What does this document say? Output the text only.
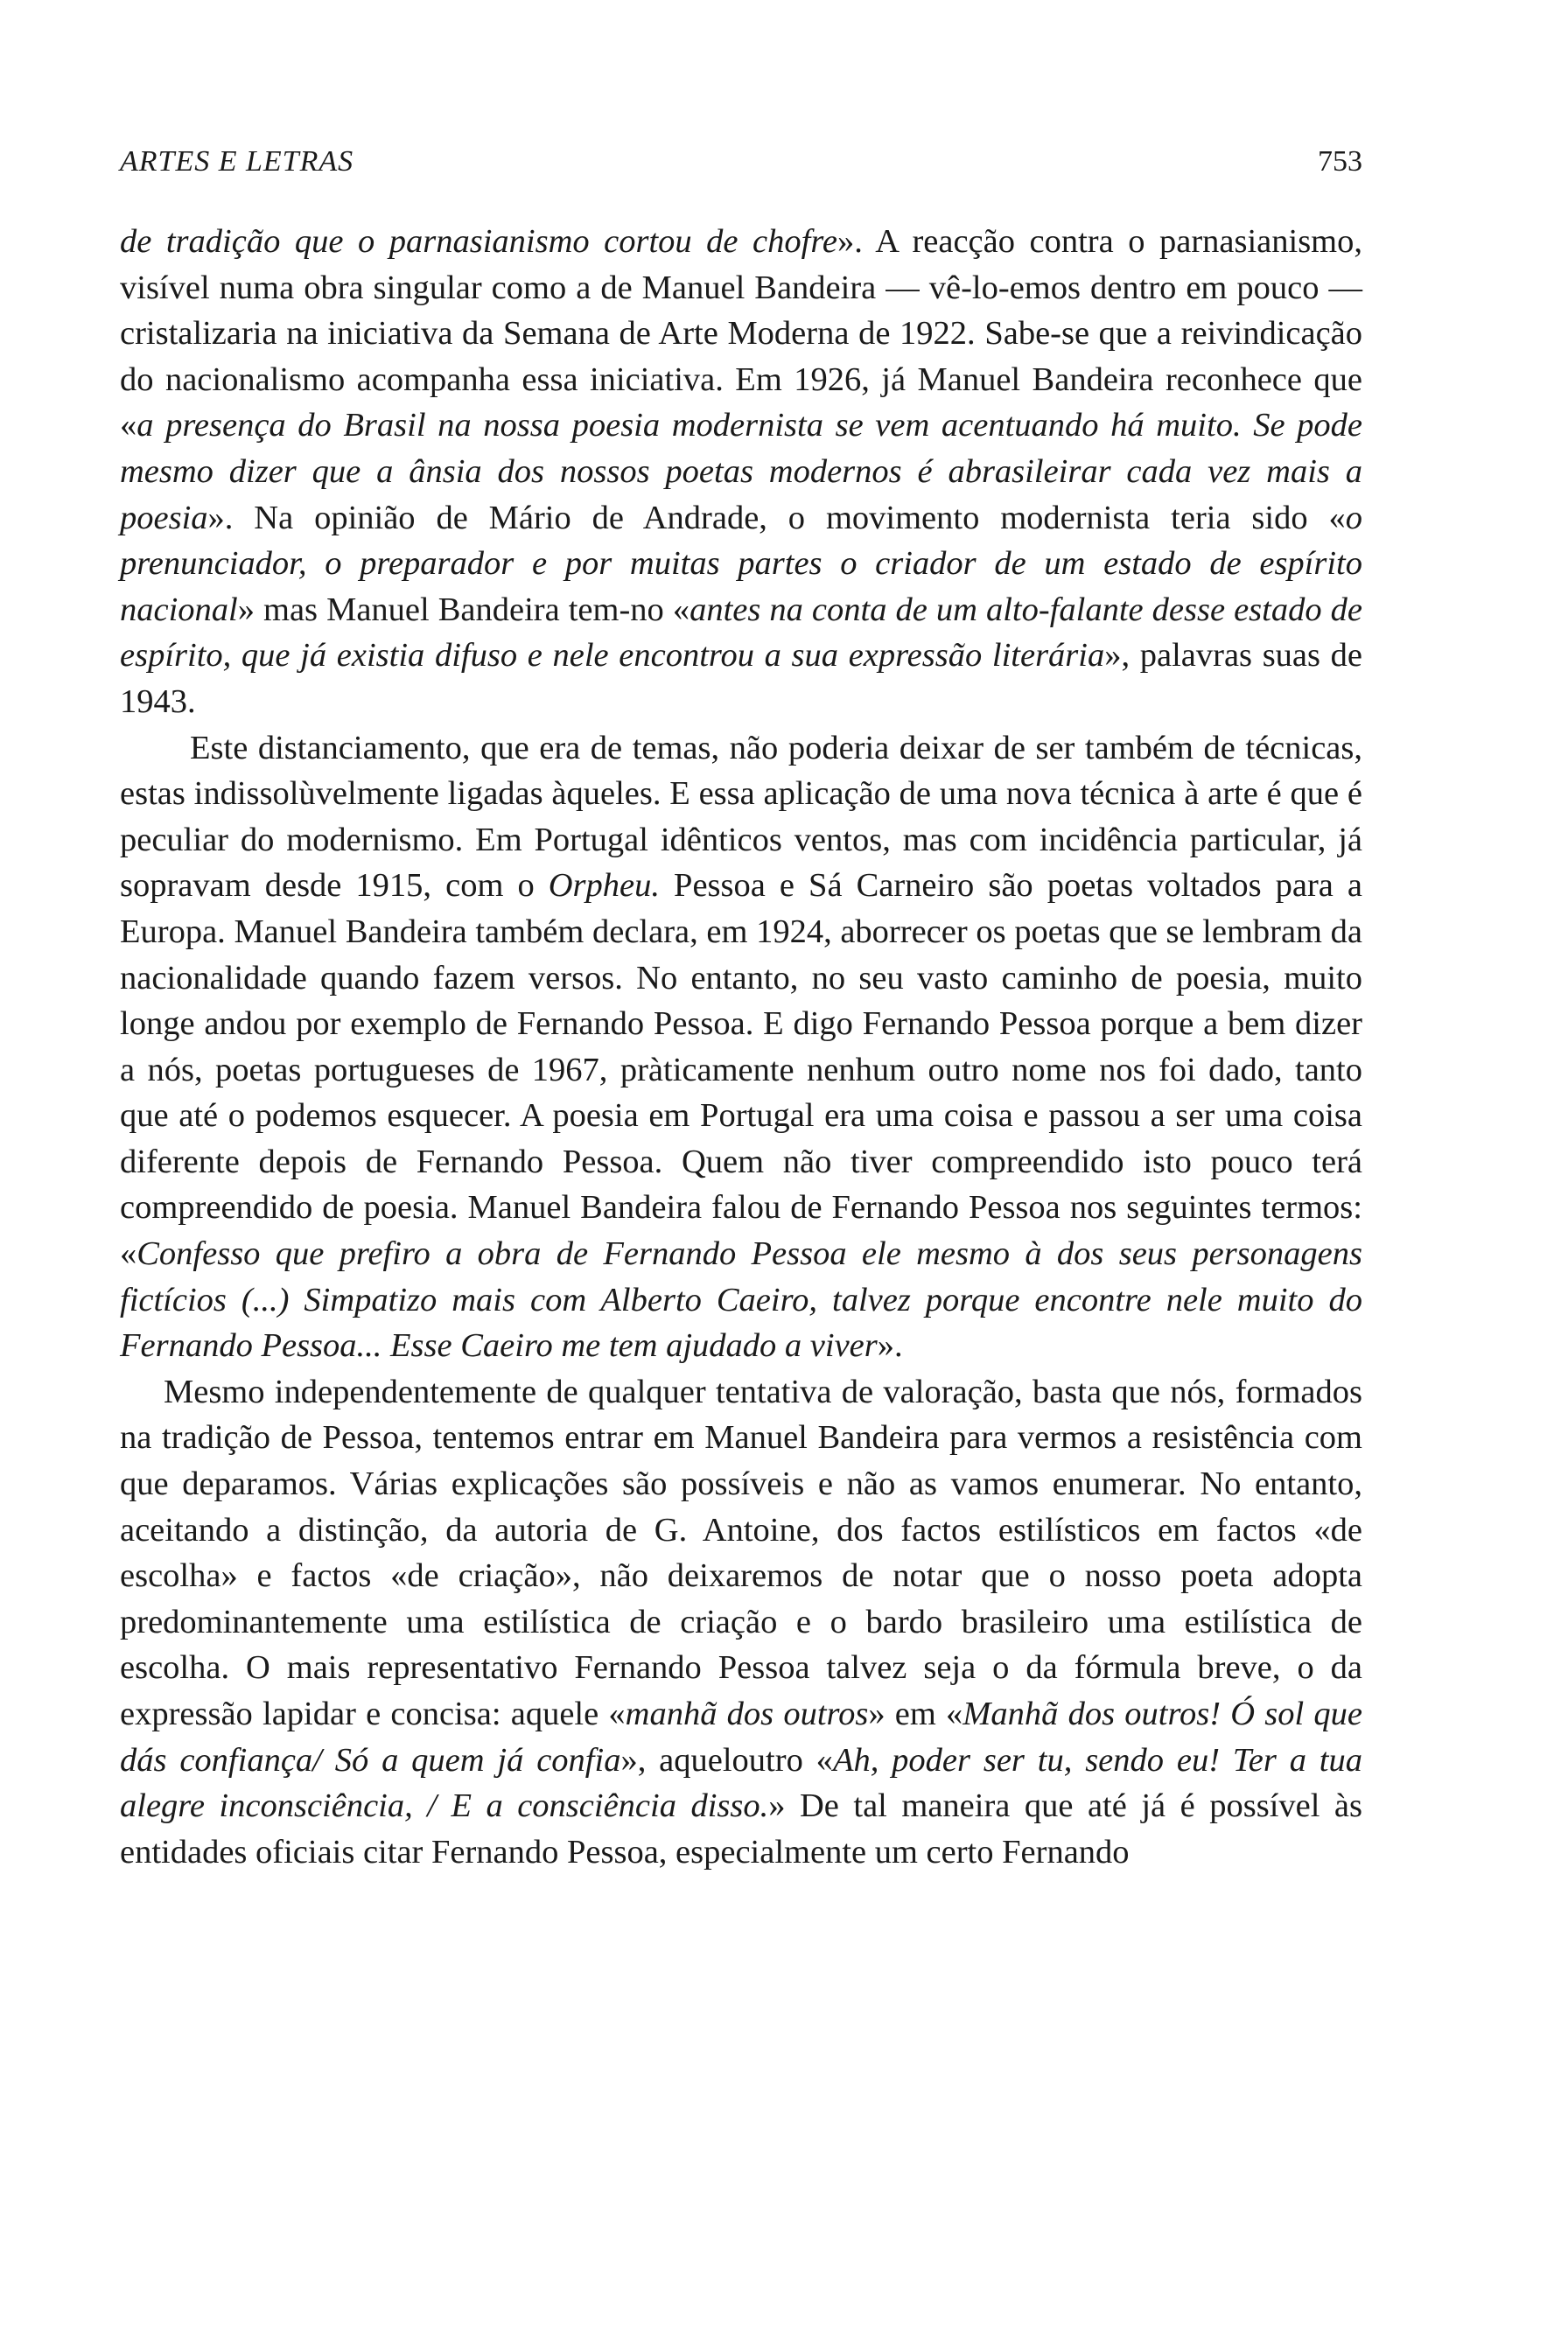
ARTES E LETRAS	753

de tradição que o parnasianismo cortou de chofre». A reacção contra o parnasianismo, visível numa obra singular como a de Manuel Bandeira — vê-lo-emos dentro em pouco — cristalizaria na iniciativa da Semana de Arte Moderna de 1922. Sabe-se que a reivindicação do nacionalismo acompanha essa iniciativa. Em 1926, já Manuel Bandeira reconhece que «a presença do Brasil na nossa poesia modernista se vem acentuando há muito. Se pode mesmo dizer que a ânsia dos nossos poetas modernos é abrasileirar cada vez mais a poesia». Na opinião de Mário de Andrade, o movimento modernista teria sido «o prenunciador, o preparador e por muitas partes o criador de um estado de espírito nacional» mas Manuel Bandeira tem-no «antes na conta de um alto-falante desse estado de espírito, que já existia difuso e nele encontrou a sua expressão literária», palavras suas de 1943.

Este distanciamento, que era de temas, não poderia deixar de ser também de técnicas, estas indissolùvelmente ligadas àqueles. E essa aplicação de uma nova técnica à arte é que é peculiar do modernismo. Em Portugal idênticos ventos, mas com incidência particular, já sopravam desde 1915, com o Orpheu. Pessoa e Sá Carneiro são poetas voltados para a Europa. Manuel Bandeira também declara, em 1924, aborrecer os poetas que se lembram da nacionalidade quando fazem versos. No entanto, no seu vasto caminho de poesia, muito longe andou por exemplo de Fernando Pessoa. E digo Fernando Pessoa porque a bem dizer a nós, poetas portugueses de 1967, pràticamente nenhum outro nome nos foi dado, tanto que até o podemos esquecer. A poesia em Portugal era uma coisa e passou a ser uma coisa diferente depois de Fernando Pessoa. Quem não tiver compreendido isto pouco terá compreendido de poesia. Manuel Bandeira falou de Fernando Pessoa nos seguintes termos: «Confesso que prefiro a obra de Fernando Pessoa ele mesmo à dos seus personagens fictícios (...) Simpatizo mais com Alberto Caeiro, talvez porque encontre nele muito do Fernando Pessoa... Esse Caeiro me tem ajudado a viver».

Mesmo independentemente de qualquer tentativa de valoração, basta que nós, formados na tradição de Pessoa, tentemos entrar em Manuel Bandeira para vermos a resistência com que deparamos. Várias explicações são possíveis e não as vamos enumerar. No entanto, aceitando a distinção, da autoria de G. Antoine, dos factos estilísticos em factos «de escolha» e factos «de criação», não deixaremos de notar que o nosso poeta adopta predominantemente uma estilística de criação e o bardo brasileiro uma estilística de escolha. O mais representativo Fernando Pessoa talvez seja o da fórmula breve, o da expressão lapidar e concisa: aquele «manhã dos outros» em «Manhã dos outros! Ó sol que dás confiança/ Só a quem já confia», aqueloutro «Ah, poder ser tu, sendo eu! Ter a tua alegre inconsciência, / E a consciência disso.» De tal maneira que até já é possível às entidades oficiais citar Fernando Pessoa, especialmente um certo Fernando
